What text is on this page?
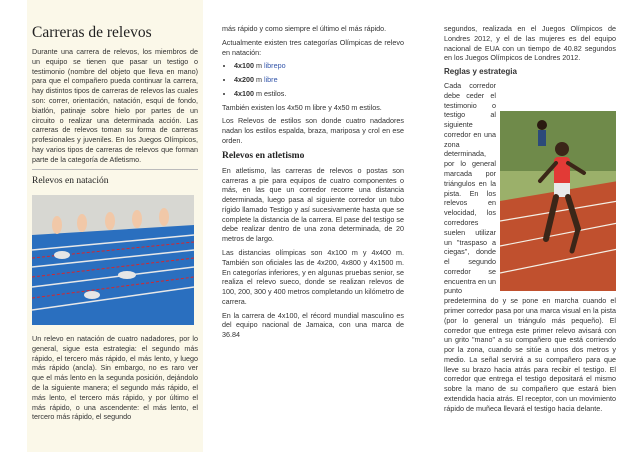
Carreras de relevos

Durante una carrera de relevos, los miembros de un equipo se tienen que pasar un testigo o testimonio (nombre del objeto que lleva en mano) para que el compañero pueda continuar la carrera, hay distintos tipos de carreras de relevos las cuales son: correr, orientación, natación, esquí de fondo, biatlón, patinaje sobre hielo por partes de un circuito o realizar una determinada acción. Las carreras de relevos toman su forma de carreras profesionales y juveniles. En los Juegos Olímpicos, hay varios tipos de carreras de relevos que forman parte de la categoría de Atletismo.

Relevos en natación

Un relevo en natación de cuatro nadadores, por lo general, sigue esta estrategia: el segundo más rápido, el tercero más rápido, el más lento, y luego más rápido (ancla). Sin embargo, no es raro ver que el más lento en la segunda posición, dejándolo de la siguiente manera; el segundo más rápido, el más lento, el tercero más rápido, y por último el más rápido, o una ascendente: el más lento, el tercero más rápido, el segundo

más rápido y como siempre el último el más rápido.

Actualmente existen tres categorías Olímpicas de relevo en natación:

• 4x100 m librepo
• 4x200 m libre
• 4x100 m estilos.

También existen los 4x50 m libre y 4x50 m estilos.

Los Relevos de estilos son donde cuatro nadadores nadan los estilos espalda, braza, mariposa y crol en ese orden.

Relevos en atletismo

En atletismo, las carreras de relevos o postas son carreras a pie para equipos de cuatro componentes o más, en las que un corredor recorre una distancia determinada, luego pasa al siguiente corredor un tubo rígido llamado Testigo y así sucesivamente hasta que se complete la distancia de la carrera. El pase del testigo se debe realizar dentro de una zona determinada, de 20 metros de largo.

Las distancias olímpicas son 4x100 m y 4x400 m. También son oficiales las de 4x200, 4x800 y 4x1500 m. En categorías inferiores, y en algunas pruebas senior, se realiza el relevo sueco, donde se realizan relevos de 100, 200, 300 y 400 metros completando un kilómetro de carrera.

En la carrera de 4x100, el récord mundial masculino es del equipo nacional de Jamaica, con una marca de 36.84

segundos, realizada en el Juegos Olímpicos de Londres 2012, y el de las mujeres es del equipo nacional de EUA con un tiempo de 40.82 segundos en los Juegos Olímpicos de Londres 2012.

Reglas y estrategia

Cada corredor debe ceder el testimonio o testigo al siguiente corredor en una zona determinada, por lo general marcada por triángulos en la pista. En los relevos en velocidad, los corredores suelen utilizar un "traspaso a ciegas", donde el segundo corredor se encuentra en un punto predetermina do y se pone en marcha cuando el primer corredor pasa por una marca visual en la pista (por lo general un triángulo más pequeño). El corredor que entrega este primer relevo avisará con un grito "mano" a su compañero que está corriendo por la zona, cuando se sitúe a unos dos metros y medio. La señal servirá a su compañero para que lleve su brazo hacia atrás para recibir el testigo. El corredor que entrega el testigo depositará el mismo sobre la mano de su compañero que estará bien extendida hacia atrás. El receptor, con un movimiento rápido de muñeca llevará el testigo hacia delante.
